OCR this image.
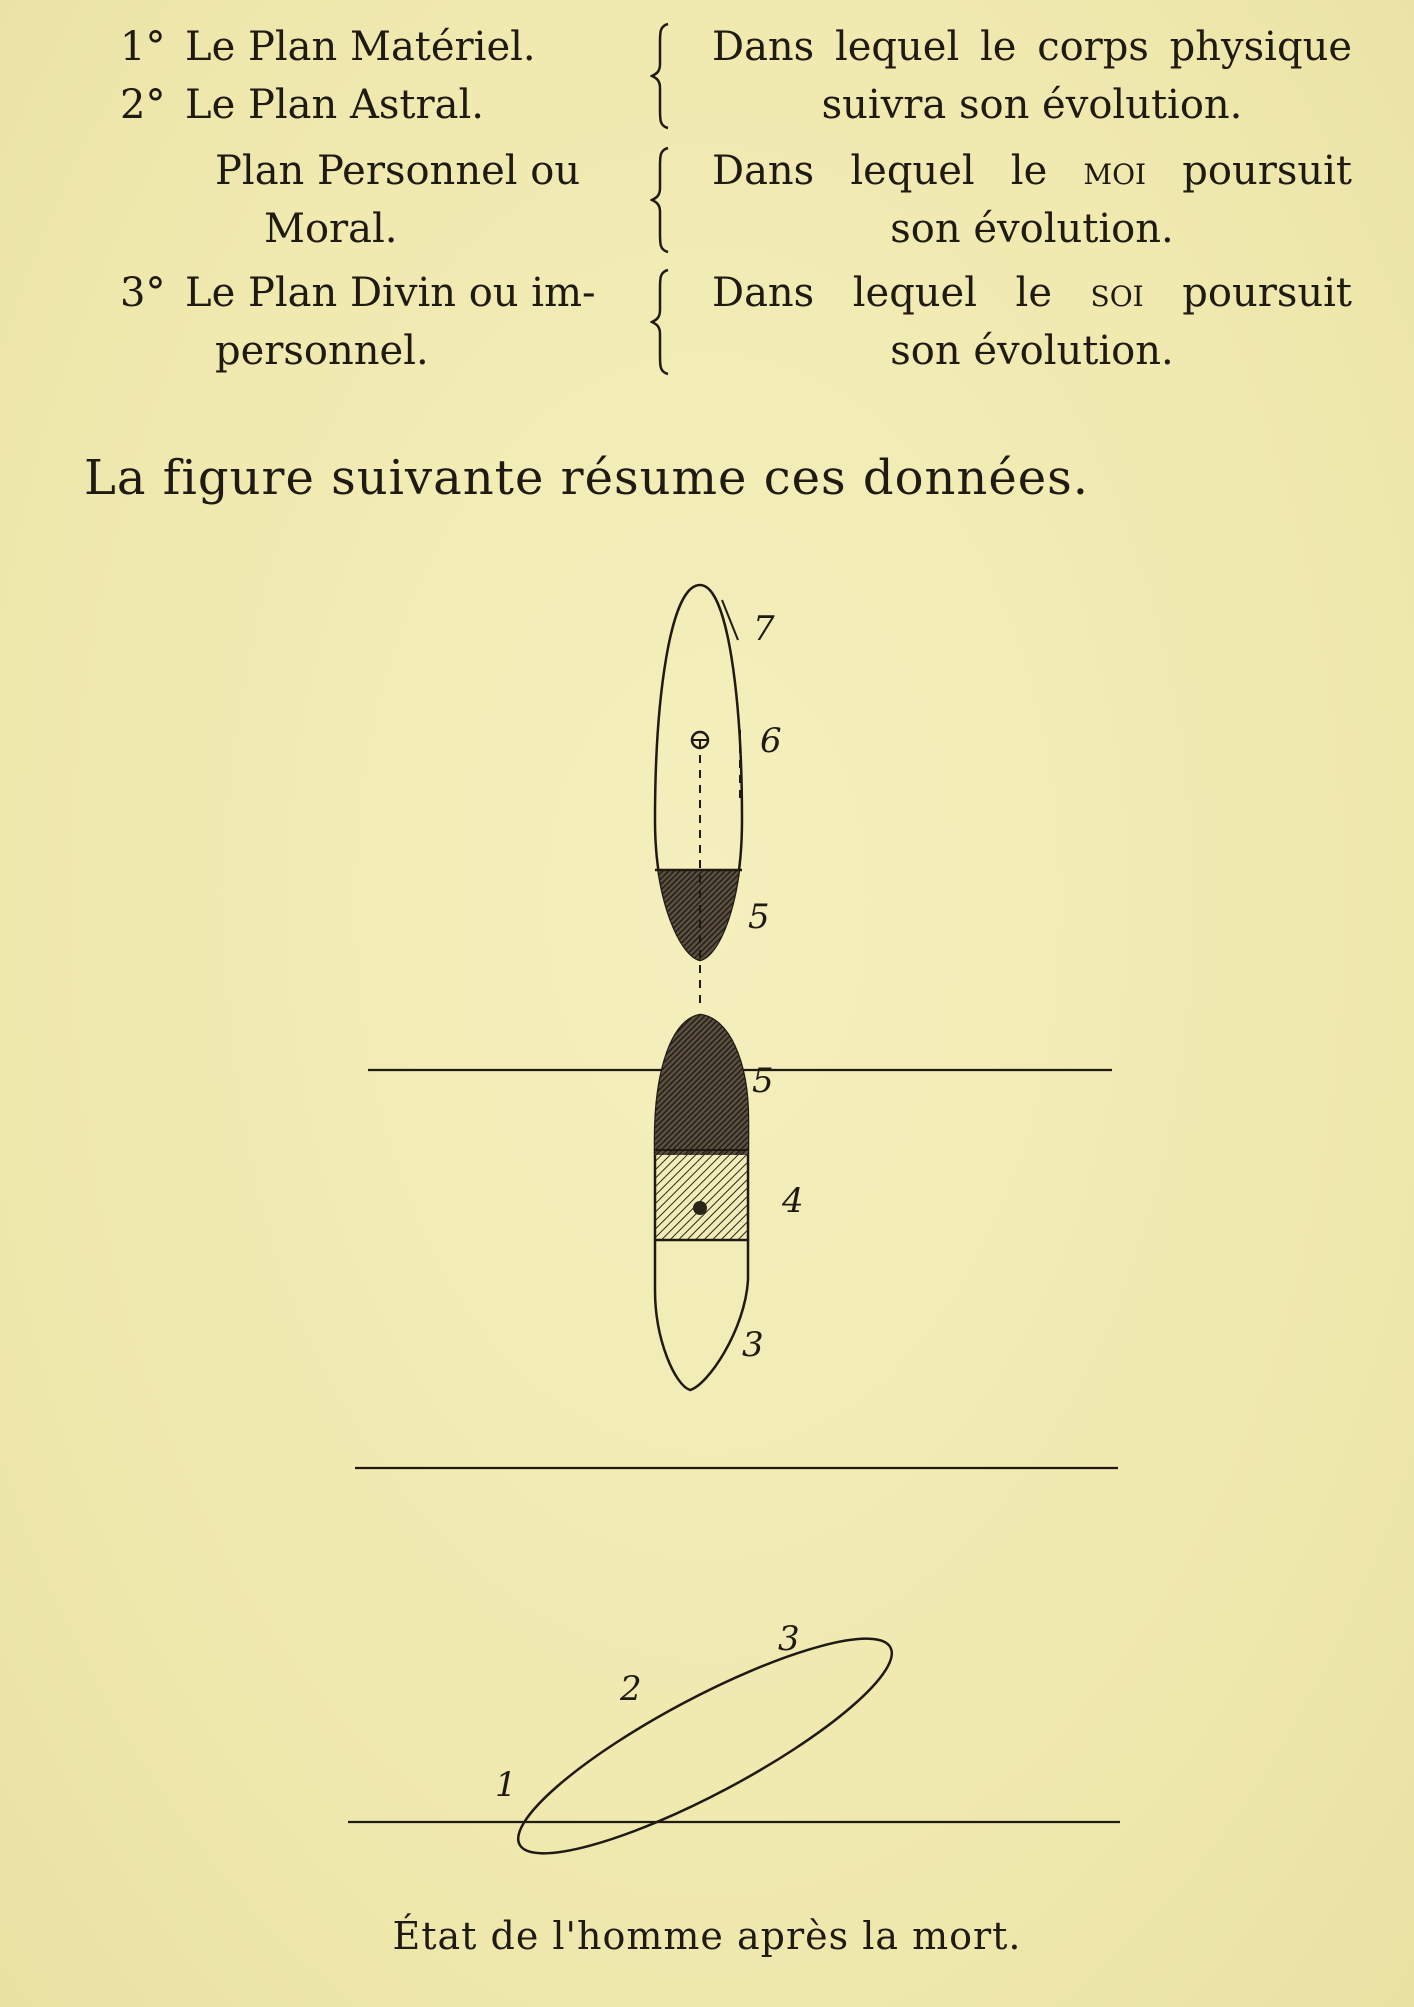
1° Le Plan Matériel.
2° Le Plan Astral.
Dans lequel le corps physique
suivra son évolution.
Plan Personnel ou
Moral.
Dans lequel le moi poursuit
son évolution.
3° Le Plan Divin ou im-
personnel.
Dans lequel le soi poursuit
son évolution.
La figure suivante résume ces données.
7
6
5
5
4
3
3
2
1
État de l'homme après la mort.
